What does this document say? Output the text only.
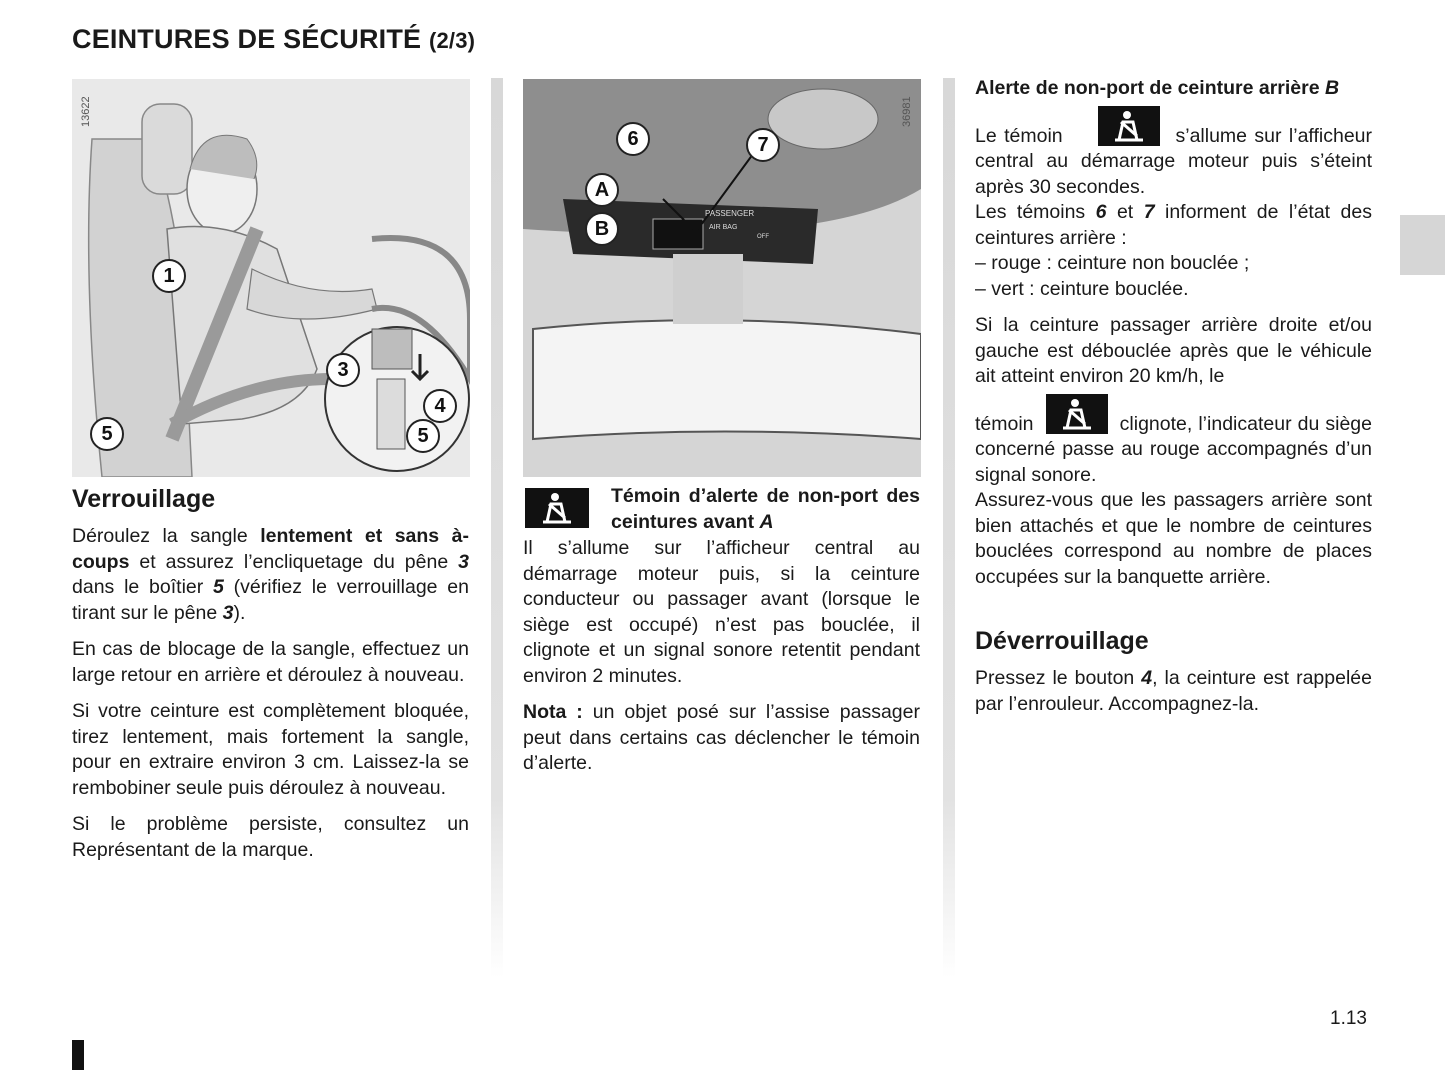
CEINTURES DE SÉCURITÉ (2/3)
13622
1
3
4
5
5
36981
6	7
A
B
PASSENGER
AIR BAG
OFF
Verrouillage

Déroulez la sangle lentement et sans à-coups et assurez l’encliquetage du pêne 3 dans le boîtier 5 (vérifiez le verrouillage en tirant sur le pêne 3).

En cas de blocage de la sangle, effectuez un large retour en arrière et déroulez à nouveau.

Si votre ceinture est complètement bloquée, tirez lentement, mais fortement la sangle, pour en extraire environ 3 cm. Laissez-la se rembobiner seule puis déroulez à nouveau.

Si le problème persiste, consultez un Représentant de la marque.

Témoin d’alerte de non-port des ceintures avant A

Il s’allume sur l’afficheur central au démarrage moteur puis, si la ceinture conducteur ou passager avant (lorsque le siège est occupé) n’est pas bouclée, il clignote et un signal sonore retentit pendant environ 2 minutes.

Nota : un objet posé sur l’assise passager peut dans certains cas déclencher le témoin d’alerte.

Alerte de non-port de ceinture arrière B

Le témoin	s’allume sur l’afficheur central au démarrage moteur puis s’éteint après 30 secondes.

Les témoins 6 et 7 informent de l’état des ceintures arrière :

– rouge : ceinture non bouclée ;
– vert : ceinture bouclée.

Si la ceinture passager arrière droite et/ou gauche est débouclée après que le véhicule ait atteint environ 20 km/h, le

témoin	clignote, l’indicateur du siège concerné passe au rouge accompagnés d’un signal sonore.

Assurez-vous que les passagers arrière sont bien attachés et que le nombre de ceintures bouclées correspond au nombre de places occupées sur la banquette arrière.

Déverrouillage

Pressez le bouton 4, la ceinture est rappelée par l’enrouleur. Accompagnez-la.

1.13
